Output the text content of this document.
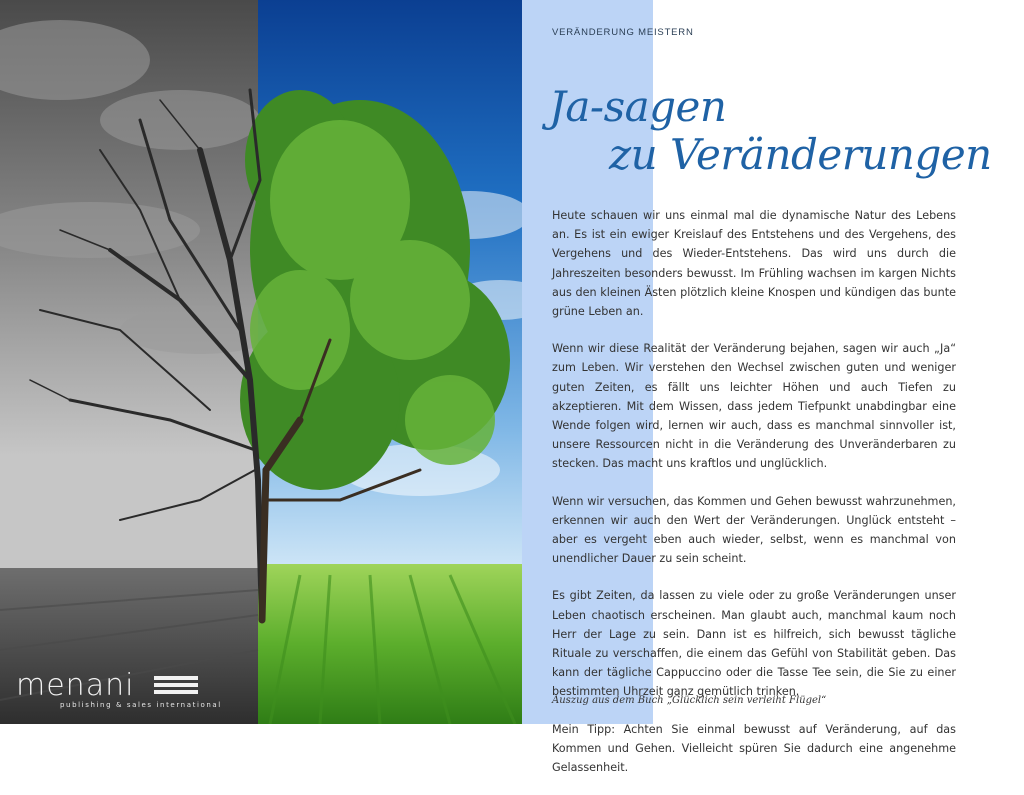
menani
publishing & sales international
VERÄNDERUNG MEISTERN
Ja-sagen
zu Veränderungen

Heute schauen wir uns einmal mal die dynamische Natur des Lebens an. Es ist ein ewiger Kreislauf des Entstehens und des Vergehens, des Vergehens und des Wieder-Entstehens. Das wird uns durch die Jahreszeiten besonders bewusst. Im Frühling wachsen im kargen Nichts aus den kleinen Ästen plötzlich kleine Knospen und kündigen das bunte grüne Leben an.

Wenn wir diese Realität der Veränderung bejahen, sagen wir auch „Ja“ zum Leben. Wir verstehen den Wechsel zwischen guten und weniger guten Zeiten, es fällt uns leichter Höhen und auch Tiefen zu akzeptieren. Mit dem Wissen, dass jedem Tiefpunkt unabdingbar eine Wende folgen wird, lernen wir auch, dass es manchmal sinnvoller ist, unsere Ressourcen nicht in die Veränderung des Unveränderbaren zu stecken. Das macht uns kraftlos und unglücklich.

Wenn wir versuchen, das Kommen und Gehen bewusst wahrzunehmen, erkennen wir auch den Wert der Veränderungen. Unglück entsteht – aber es vergeht eben auch wieder, selbst, wenn es manchmal von unendlicher Dauer zu sein scheint.

Es gibt Zeiten, da lassen zu viele oder zu große Veränderungen unser Leben chaotisch erscheinen. Man glaubt auch, manchmal kaum noch Herr der Lage zu sein. Dann ist es hilfreich, sich bewusst tägliche Rituale zu verschaffen, die einem das Gefühl von Stabilität geben. Das kann der tägliche Cappuccino oder die Tasse Tee sein, die Sie zu einer bestimmten Uhrzeit ganz gemütlich trinken.

Mein Tipp: Achten Sie einmal bewusst auf Veränderung, auf das Kommen und Gehen. Vielleicht spüren Sie dadurch eine angenehme Gelassenheit.

Auszug aus dem Buch „Glücklich sein verleiht Flügel“
